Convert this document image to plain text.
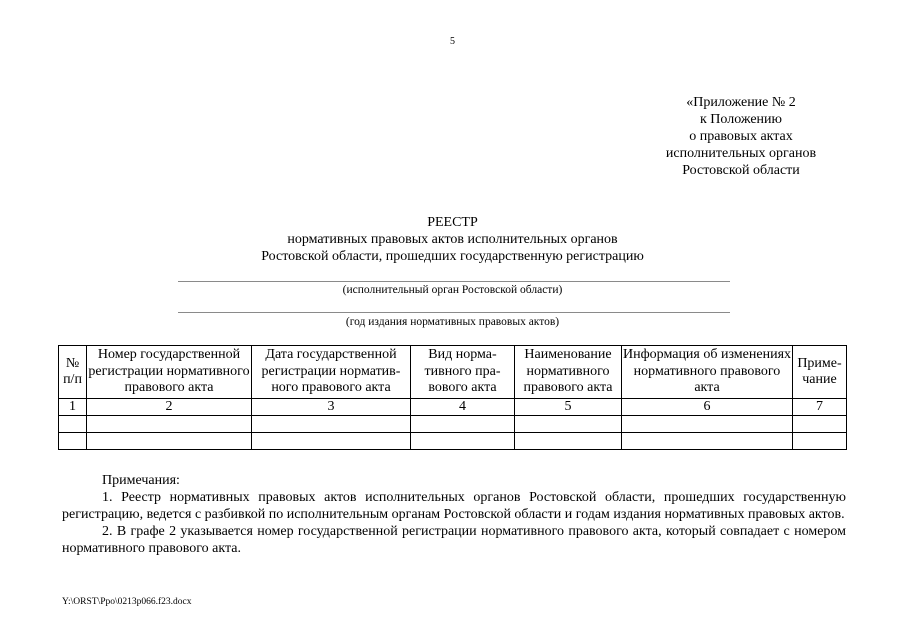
5
«Приложение № 2
к Положению
о правовых актах
исполнительных органов
Ростовской области
РЕЕСТР
нормативных правовых актов исполнительных органов
Ростовской области, прошедших государственную регистрацию
(исполнительный орган Ростовской области)
(год издания нормативных правовых актов)
№ п/п	Номер государственной регистрации нормативного правового акта	Дата государственной регистрации нормативного правового акта	Вид нормативного правового акта	Наименование нормативного правового акта	Информация об изменениях нормативного правового акта	Примечание
1	2	3	4	5	6	7

Примечания:
1. Реестр нормативных правовых актов исполнительных органов Ростовской области, прошедших государственную регистрацию, ведется с разбивкой по исполнительным органам Ростовской области и годам издания нормативных правовых актов.
2. В графе 2 указывается номер государственной регистрации нормативного правового акта, который совпадает с номером нормативного правового акта.
Y:\ORST\Ppo\0213p066.f23.docx
